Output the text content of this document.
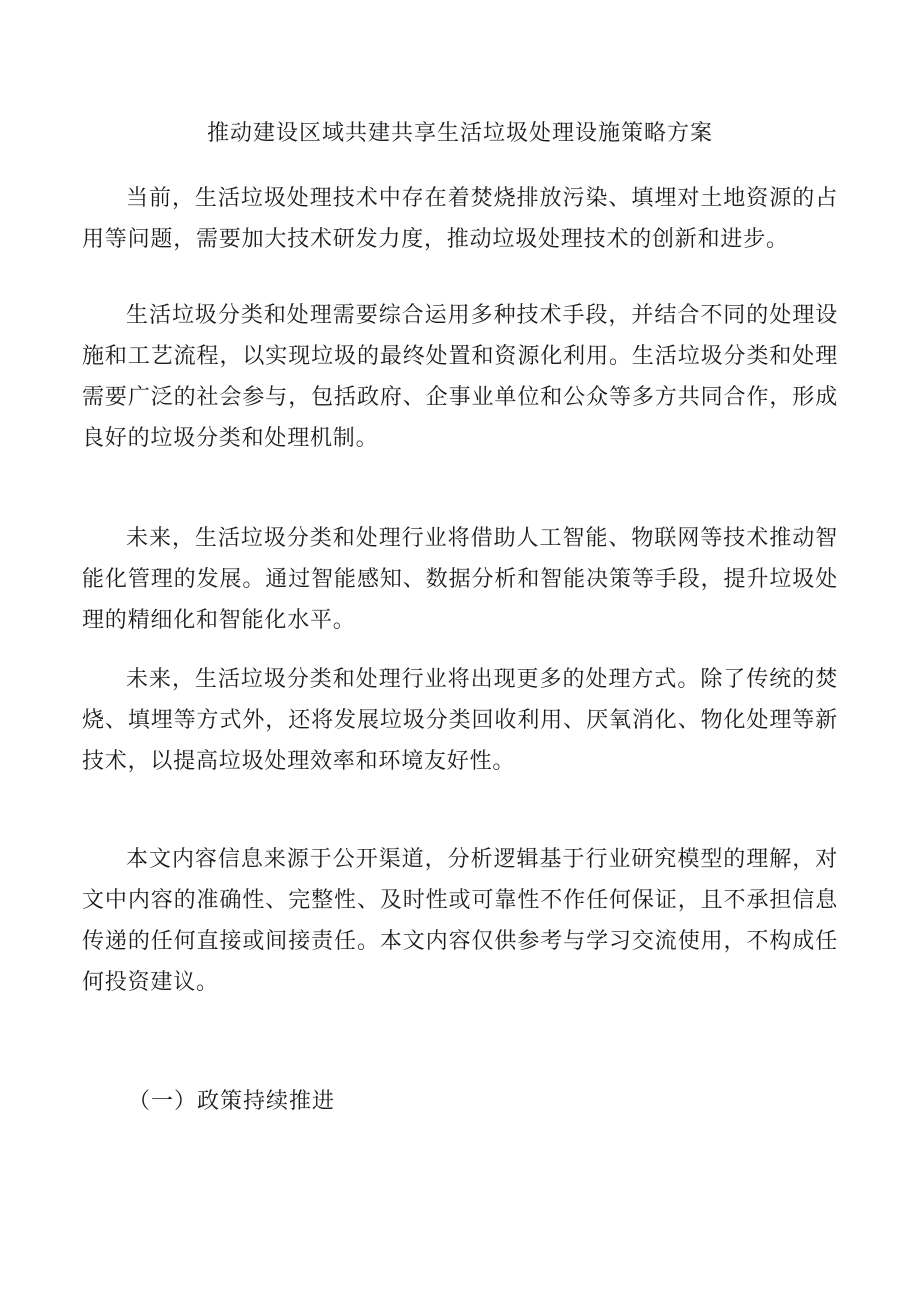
推动建设区域共建共享生活垃圾处理设施策略方案

当前，生活垃圾处理技术中存在着焚烧排放污染、填埋对土地资源的占用等问题，需要加大技术研发力度，推动垃圾处理技术的创新和进步。

生活垃圾分类和处理需要综合运用多种技术手段，并结合不同的处理设施和工艺流程，以实现垃圾的最终处置和资源化利用。生活垃圾分类和处理需要广泛的社会参与，包括政府、企事业单位和公众等多方共同合作，形成良好的垃圾分类和处理机制。

未来，生活垃圾分类和处理行业将借助人工智能、物联网等技术推动智能化管理的发展。通过智能感知、数据分析和智能决策等手段，提升垃圾处理的精细化和智能化水平。

未来，生活垃圾分类和处理行业将出现更多的处理方式。除了传统的焚烧、填埋等方式外，还将发展垃圾分类回收利用、厌氧消化、物化处理等新技术，以提高垃圾处理效率和环境友好性。

本文内容信息来源于公开渠道，分析逻辑基于行业研究模型的理解，对文中内容的准确性、完整性、及时性或可靠性不作任何保证，且不承担信息传递的任何直接或间接责任。本文内容仅供参考与学习交流使用，不构成任何投资建议。

（一）政策持续推进
